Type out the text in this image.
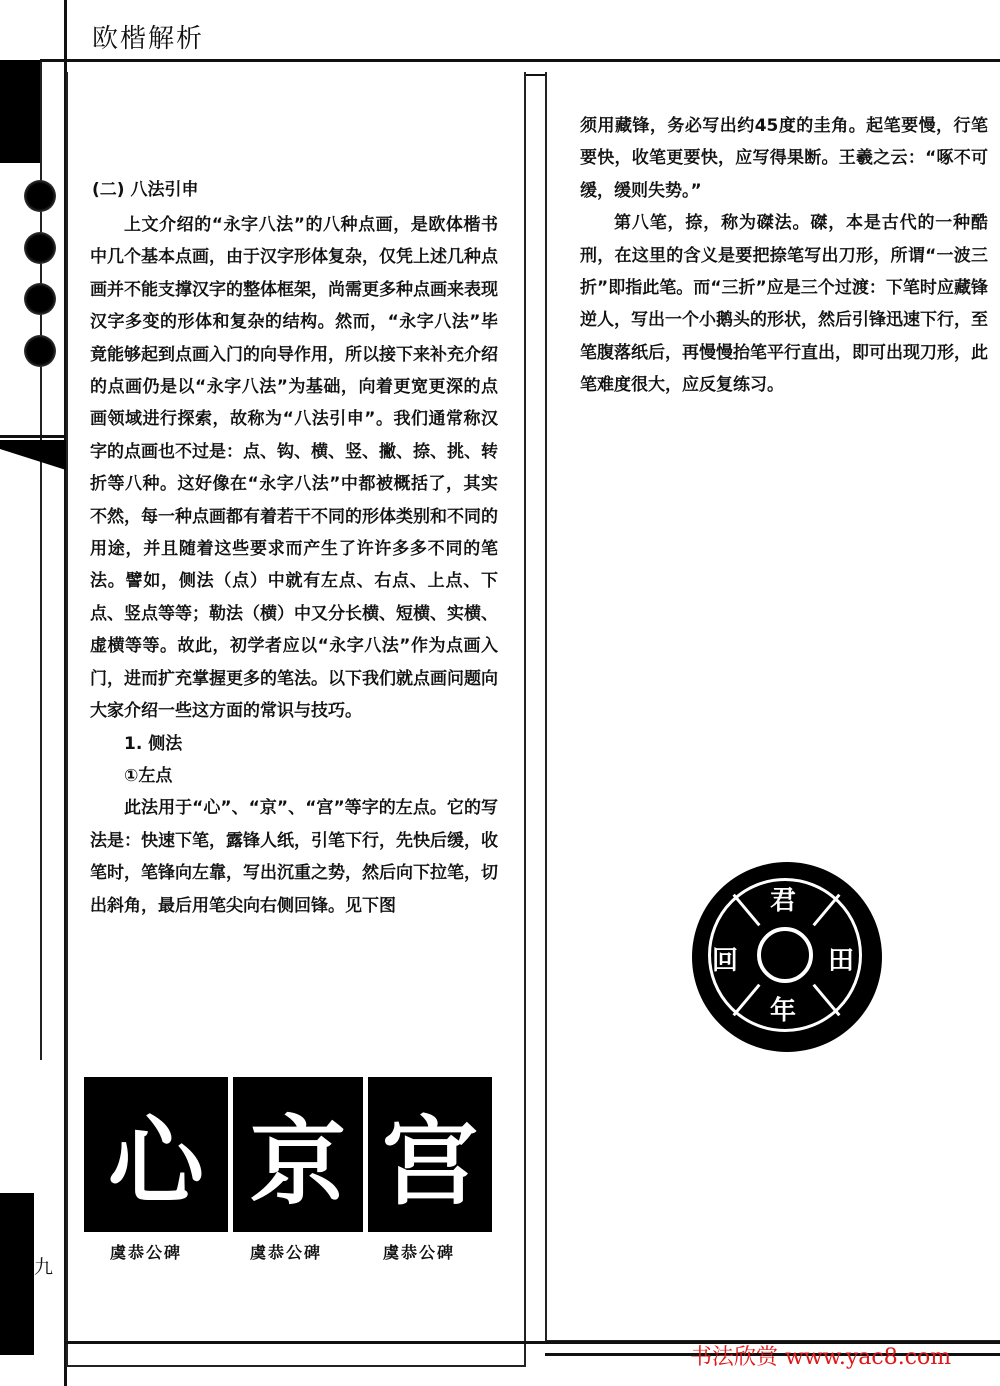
九
欧楷解析
(二) 八法引申

上文介绍的“永字八法”的八种点画，是欧体楷书中几个基本点画，由于汉字形体复杂，仅凭上述几种点画并不能支撑汉字的整体框架，尚需更多种点画来表现汉字多变的形体和复杂的结构。然而，“永字八法”毕竟能够起到点画入门的向导作用，所以接下来补充介绍的点画仍是以“永字八法”为基础，向着更宽更深的点画领域进行探索，故称为“八法引申”。我们通常称汉字的点画也不过是：点、钩、横、竖、撇、捺、挑、转折等八种。这好像在“永字八法”中都被概括了，其实不然，每一种点画都有着若干不同的形体类别和不同的用途，并且随着这些要求而产生了许许多多不同的笔法。譬如，侧法（点）中就有左点、右点、上点、下点、竖点等等；勒法（横）中又分长横、短横、实横、虚横等等。故此，初学者应以“永字八法”作为点画入门，进而扩充掌握更多的笔法。以下我们就点画问题向大家介绍一些这方面的常识与技巧。

1. 侧法

①左点

此法用于“心”、“京”、“宫”等字的左点。它的写法是：快速下笔，露锋人纸，引笔下行，先快后缓，收笔时，笔锋向左靠，写出沉重之势，然后向下拉笔，切出斜角，最后用笔尖向右侧回锋。见下图

心 京 宫
虞恭公碑	虞恭公碑	虞恭公碑

须用藏锋，务必写出约45度的圭角。起笔要慢，行笔要快，收笔更要快，应写得果断。王羲之云：“啄不可缓，缓则失势。”

第八笔，捺，称为磔法。磔，本是古代的一种酷刑，在这里的含义是要把捺笔写出刀形，所谓“一波三折”即指此笔。而“三折”应是三个过渡：下笔时应藏锋逆人，写出一个小鹅头的形状，然后引锋迅速下行，至笔腹落纸后，再慢慢抬笔平行直出，即可出现刀形，此笔难度很大，应反复练习。

君
田
年
回
书法欣赏 www.yac8.com
